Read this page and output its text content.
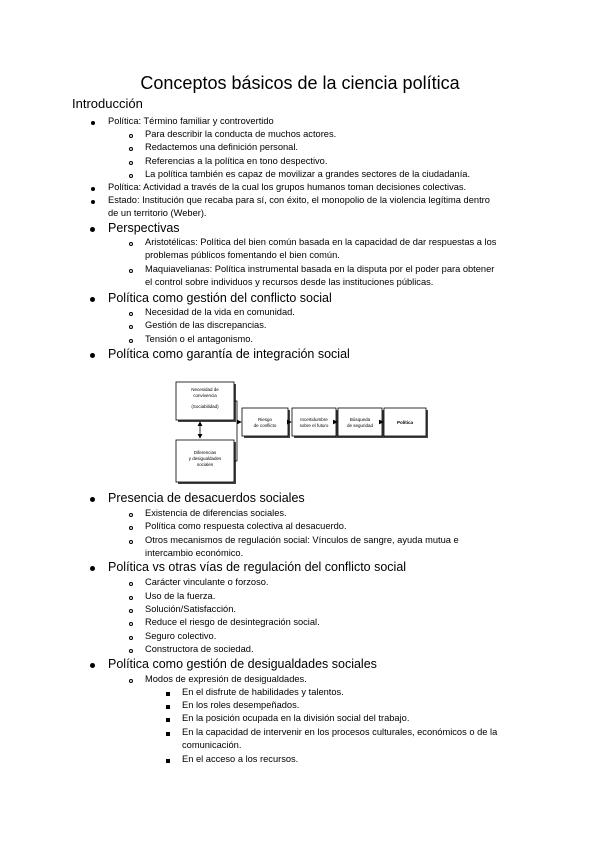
Conceptos básicos de la ciencia política
Introducción
Política: Término familiar y controvertido
Para describir la conducta de muchos actores.
Redactemos una definición personal.
Referencias a la política en tono despectivo.
La política también es capaz de movilizar a grandes sectores de la ciudadanía.
Política: Actividad a través de la cual los grupos humanos toman decisiones colectivas.
Estado: Institución que recaba para sí, con éxito, el monopolio de la violencia legítima dentro
de un territorio (Weber).
Perspectivas
Aristotélicas: Política del bien común basada en la capacidad de dar respuestas a los
problemas públicos fomentando el bien común.
Maquiavelianas: Política instrumental basada en la disputa por el poder para obtener
el control sobre individuos y recursos desde las instituciones públicas.
Política como gestión del conflicto social
Necesidad de la vida en comunidad.
Gestión de las discrepancias.
Tensión o el antagonismo.
Política como garantía de integración social
Necesidad de
convivencia
(Sociabilidad)
Diferencias
y desigualdades
sociales
Riesgo
de conflicto
Incertidumbre
sobre el futuro
Búsqueda
de seguridad
Política
Presencia de desacuerdos sociales
Existencia de diferencias sociales.
Política como respuesta colectiva al desacuerdo.
Otros mecanismos de regulación social: Vínculos de sangre, ayuda mutua e
intercambio económico.
Política vs otras vías de regulación del conflicto social
Carácter vinculante o forzoso.
Uso de la fuerza.
Solución/Satisfacción.
Reduce el riesgo de desintegración social.
Seguro colectivo.
Constructora de sociedad.
Política como gestión de desigualdades sociales
Modos de expresión de desigualdades.
En el disfrute de habilidades y talentos.
En los roles desempeñados.
En la posición ocupada en la división social del trabajo.
En la capacidad de intervenir en los procesos culturales, económicos o de la
comunicación.
En el acceso a los recursos.
